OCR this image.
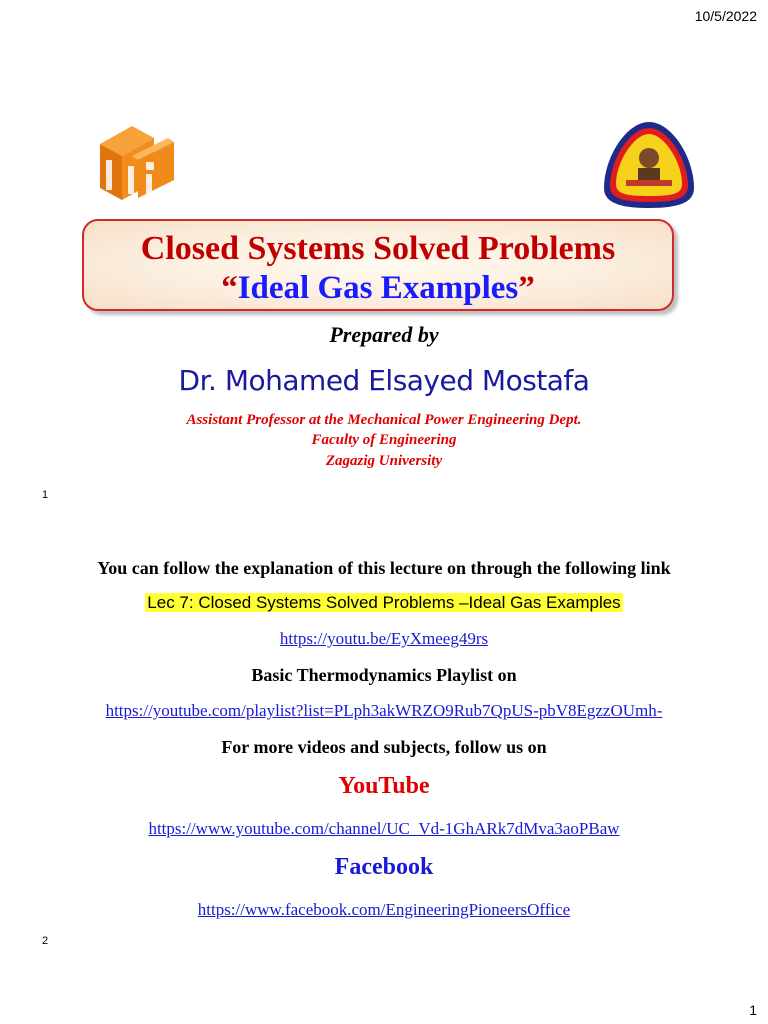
10/5/2022
Closed Systems Solved Problems
“Ideal Gas Examples”
Prepared by
Dr. Mohamed Elsayed Mostafa
Assistant Professor at the Mechanical Power Engineering Dept.
Faculty of Engineering
Zagazig University
1
You can follow the explanation of this lecture on through the following link
Lec 7: Closed Systems Solved Problems –Ideal Gas Examples
https://youtu.be/EyXmeeg49rs
Basic Thermodynamics Playlist on
https://youtube.com/playlist?list=PLph3akWRZO9Rub7QpUS-pbV8EgzzOUmh-
For more videos and subjects, follow us on
YouTube
https://www.youtube.com/channel/UC_Vd-1GhARk7dMva3aoPBaw
Facebook
https://www.facebook.com/EngineeringPioneersOffice
2
1
